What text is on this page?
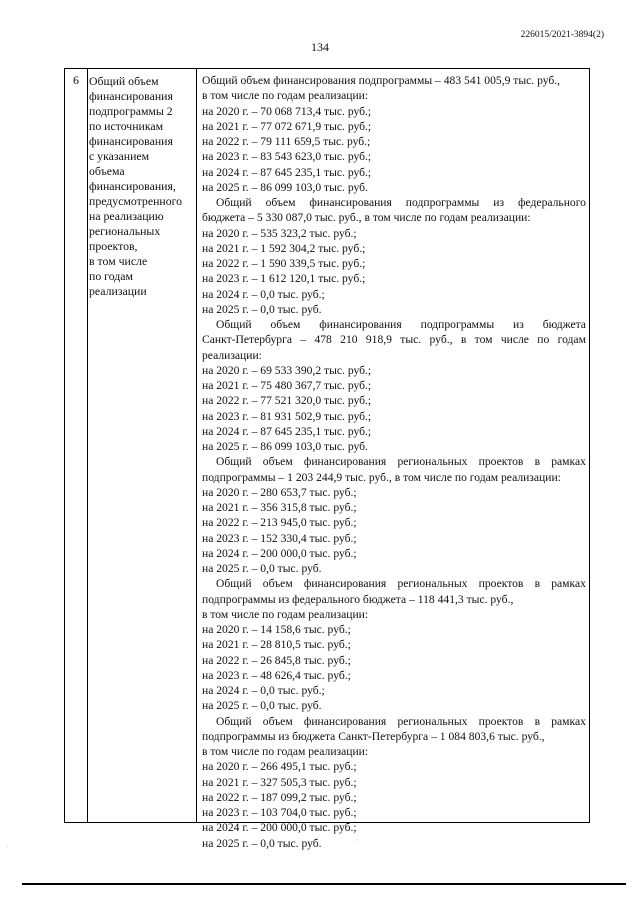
226015/2021-3894(2)
134
6 Общий объем
финансирования
подпрограммы 2
по источникам
финансирования
с указанием
объема
финансирования,
предусмотренного
на реализацию
региональных
проектов,
в том числе
по годам
реализации
Общий объем финансирования подпрограммы – 483 541 005,9 тыс. руб.,
в том числе по годам реализации:
на 2020 г. – 70 068 713,4 тыс. руб.;
на 2021 г. – 77 072 671,9 тыс. руб.;
на 2022 г. – 79 111 659,5 тыс. руб.;
на 2023 г. – 83 543 623,0 тыс. руб.;
на 2024 г. – 87 645 235,1 тыс. руб.;
на 2025 г. – 86 099 103,0 тыс. руб.
Общий объем финансирования подпрограммы из федерального
бюджета – 5 330 087,0 тыс. руб., в том числе по годам реализации:
на 2020 г. – 535 323,2 тыс. руб.;
на 2021 г. – 1 592 304,2 тыс. руб.;
на 2022 г. – 1 590 339,5 тыс. руб.;
на 2023 г. – 1 612 120,1 тыс. руб.;
на 2024 г. – 0,0 тыс. руб.;
на 2025 г. – 0,0 тыс. руб.
Общий объем финансирования подпрограммы из бюджета
Санкт-Петербурга – 478 210 918,9 тыс. руб., в том числе по годам
реализации:
на 2020 г. – 69 533 390,2 тыс. руб.;
на 2021 г. – 75 480 367,7 тыс. руб.;
на 2022 г. – 77 521 320,0 тыс. руб.;
на 2023 г. – 81 931 502,9 тыс. руб.;
на 2024 г. – 87 645 235,1 тыс. руб.;
на 2025 г. – 86 099 103,0 тыс. руб.
Общий объем финансирования региональных проектов в рамках
подпрограммы – 1 203 244,9 тыс. руб., в том числе по годам реализации:
на 2020 г. – 280 653,7 тыс. руб.;
на 2021 г. – 356 315,8 тыс. руб.;
на 2022 г. – 213 945,0 тыс. руб.;
на 2023 г. – 152 330,4 тыс. руб.;
на 2024 г. – 200 000,0 тыс. руб.;
на 2025 г. – 0,0 тыс. руб.
Общий объем финансирования региональных проектов в рамках
подпрограммы из федерального бюджета – 118 441,3 тыс. руб.,
в том числе по годам реализации:
на 2020 г. – 14 158,6 тыс. руб.;
на 2021 г. – 28 810,5 тыс. руб.;
на 2022 г. – 26 845,8 тыс. руб.;
на 2023 г. – 48 626,4 тыс. руб.;
на 2024 г. – 0,0 тыс. руб.;
на 2025 г. – 0,0 тыс. руб.
Общий объем финансирования региональных проектов в рамках
подпрограммы из бюджета Санкт-Петербурга – 1 084 803,6 тыс. руб.,
в том числе по годам реализации:
на 2020 г. – 266 495,1 тыс. руб.;
на 2021 г. – 327 505,3 тыс. руб.;
на 2022 г. – 187 099,2 тыс. руб.;
на 2023 г. – 103 704,0 тыс. руб.;
на 2024 г. – 200 000,0 тыс. руб.;
на 2025 г. – 0,0 тыс. руб.	·
·
